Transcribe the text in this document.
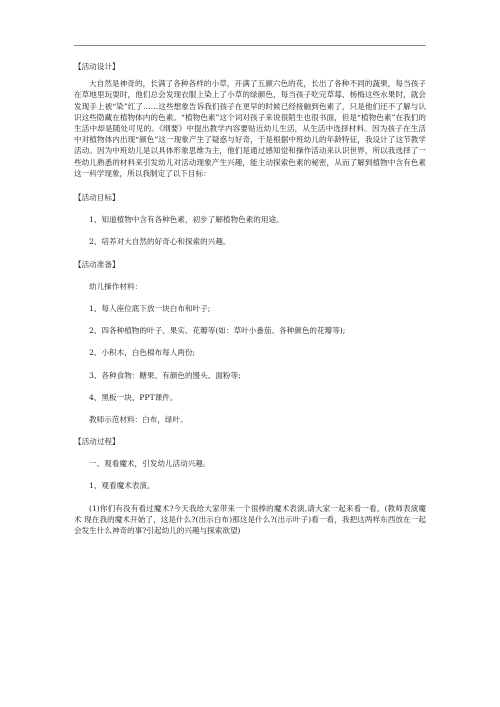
【活动设计】

大自然是神奇的，长满了各种各样的小草，开满了五颜六色的花，长出了各种不同的蔬果，每当孩子在草地里玩耍时，他们总会发现衣服上染上了小草的绿颜色，每当孩子吃完草莓、杨梅这些水果时，就会发现手上被“染”红了……这些想象告诉我们孩子在更早的时候已经接触到色素了，只是他们还不了解与认识这些隐藏在植物体内的色素。“植物色素”这个词对孩子来说很陌生也很书面，但是“植物色素”在我们的生活中却是随处可见的。《纲要》中提出教学内容要贴近幼儿生活，从生活中选择材料。因为孩子在生活中对植物体内出现“颜色”这一现象产生了疑惑与好奇，于是根据中班幼儿的年龄特征，我设计了这节教学活动。因为中班幼儿是以具体形象思维为主，他们是通过感知觉和操作活动来认识世界，所以我选择了一些幼儿熟悉的材料来引发幼儿对活动现象产生兴趣，能主动探索色素的秘密，从而了解到植物中含有色素这一科学现象，所以我制定了以下目标：

【活动目标】

1、知道植物中含有各种色素，初步了解植物色素的用途。

2、培养对大自然的好奇心和探索的兴趣。

【活动准备】

幼儿操作材料：

1、每人座位底下放一块白布和叶子;

2、四各种植物的叶子、果实、花瓣等(如：草叶小番茄、各种颜色的花瓣等);

2、小积木，白色棉布每人两份;

3、各种食物：糖果、有颜色的馒头、面粉等;

4、黑板一块、PPT课件。

教师示范材料：白布，绿叶。

【活动过程】

一、观看魔术，引发幼儿活动兴趣。

1、观看魔术表演。

(1)你们有没有看过魔术?今天我给大家带来一个很棒的魔术表演,请大家一起来看一看。(教师表演魔术 现在我的魔术开始了，这是什么?(出示白布)那这是什么?(出示叶子)看一看，我把这两样东西放在一起会发生什么神奇的事?引起幼儿的兴趣与探索欲望)
